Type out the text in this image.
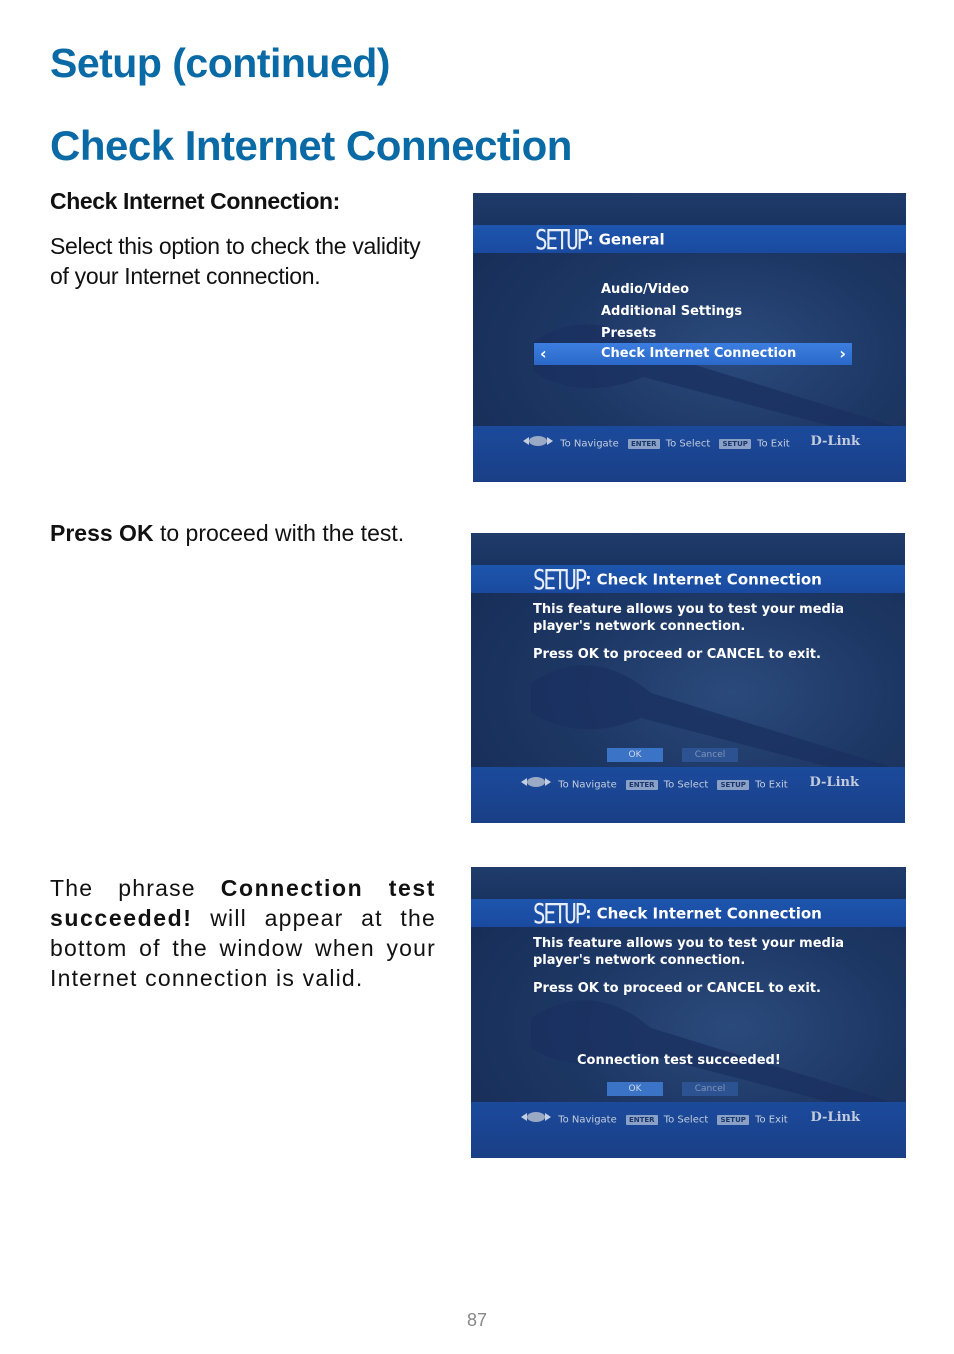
Setup (continued)
Check Internet Connection

Check Internet Connection:

Select this option to check the validity of your Internet connection.

Press OK to proceed with the test.

The phrase Connection test succeeded! will appear at the bottom of the window when your Internet connection is valid.

SETUP : General
Audio/Video
Additional Settings
Presets
‹	Check Internet Connection	›
To Navigate ENTER To Select SETUP To Exit D-Link
SETUP : Check Internet Connection

This feature allows you to test your media
player's network connection.

Press OK to proceed or CANCEL to exit.

OK	Cancel
To Navigate ENTER To Select SETUP To Exit D-Link
SETUP : Check Internet Connection

This feature allows you to test your media
player's network connection.

Press OK to proceed or CANCEL to exit.

Connection test succeeded!

OK	Cancel
To Navigate ENTER To Select SETUP To Exit D-Link
87
